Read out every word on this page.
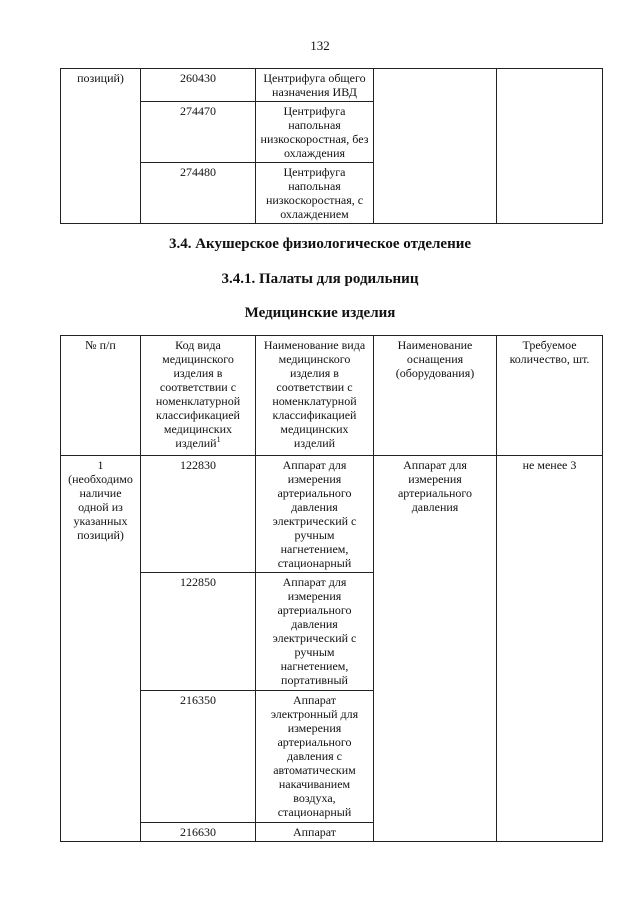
132
позиций)	260430	Центрифуга общего назначения ИВД		
	274470	Центрифуга напольная низкоскоростная, без охлаждения		
	274480	Центрифуга напольная низкоскоростная, с охлаждением		
3.4. Акушерское физиологическое отделение
3.4.1. Палаты для родильниц
Медицинские изделия
№ п/п	Код вида медицинского изделия в соответствии с номенклатурной классификацией медицинских изделий$^1$	Наименование вида медицинского изделия в соответствии с номенклатурной классификацией медицинских изделий	Наименование оснащения (оборудования)	Требуемое количество, шт.

1
(необходимо наличие одной из указанных позиций)	122830	Аппарат для измерения артериального давления электрический с ручным нагнетением, стационарный	Аппарат для измерения артериального давления	не менее 3
	122850	Аппарат для измерения артериального давления электрический с ручным нагнетением, портативный		
	216350	Аппарат электронный для измерения артериального давления с автоматическим накачиванием воздуха, стационарный		
	216630	Аппарат		
